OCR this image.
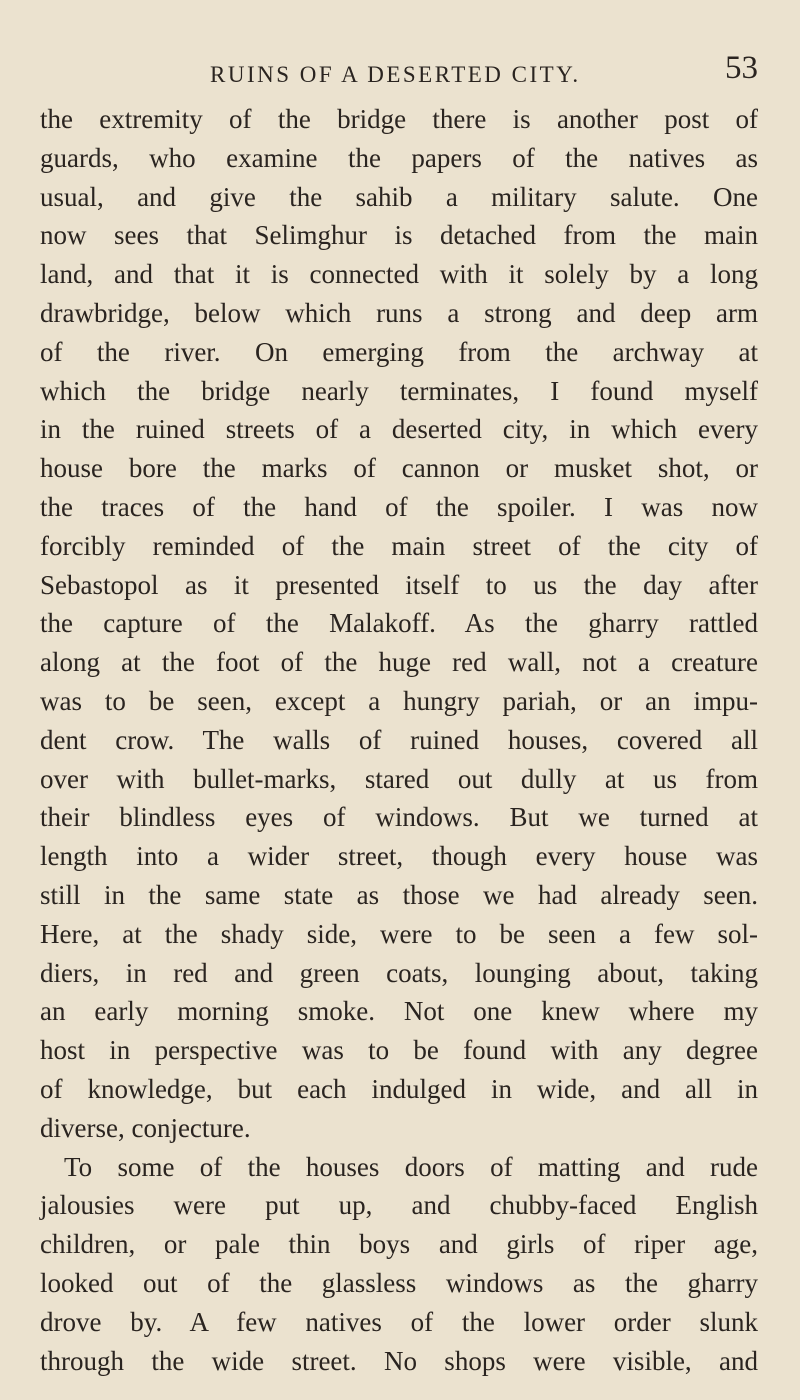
RUINS OF A DESERTED CITY.	53
the extremity of the bridge there is another post of
guards, who examine the papers of the natives as
usual, and give the sahib a military salute. One
now sees that Selimghur is detached from the main
land, and that it is connected with it solely by a long
drawbridge, below which runs a strong and deep arm
of the river. On emerging from the archway at
which the bridge nearly terminates, I found myself
in the ruined streets of a deserted city, in which every
house bore the marks of cannon or musket shot, or
the traces of the hand of the spoiler. I was now
forcibly reminded of the main street of the city of
Sebastopol as it presented itself to us the day after
the capture of the Malakoff. As the gharry rattled
along at the foot of the huge red wall, not a creature
was to be seen, except a hungry pariah, or an impu-
dent crow. The walls of ruined houses, covered all
over with bullet-marks, stared out dully at us from
their blindless eyes of windows. But we turned at
length into a wider street, though every house was
still in the same state as those we had already seen.
Here, at the shady side, were to be seen a few sol-
diers, in red and green coats, lounging about, taking
an early morning smoke. Not one knew where my
host in perspective was to be found with any degree
of knowledge, but each indulged in wide, and all in
diverse, conjecture.
To some of the houses doors of matting and rude
jalousies were put up, and chubby-faced English
children, or pale thin boys and girls of riper age,
looked out of the glassless windows as the gharry
drove by. A few natives of the lower order slunk
through the wide street. No shops were visible, and
